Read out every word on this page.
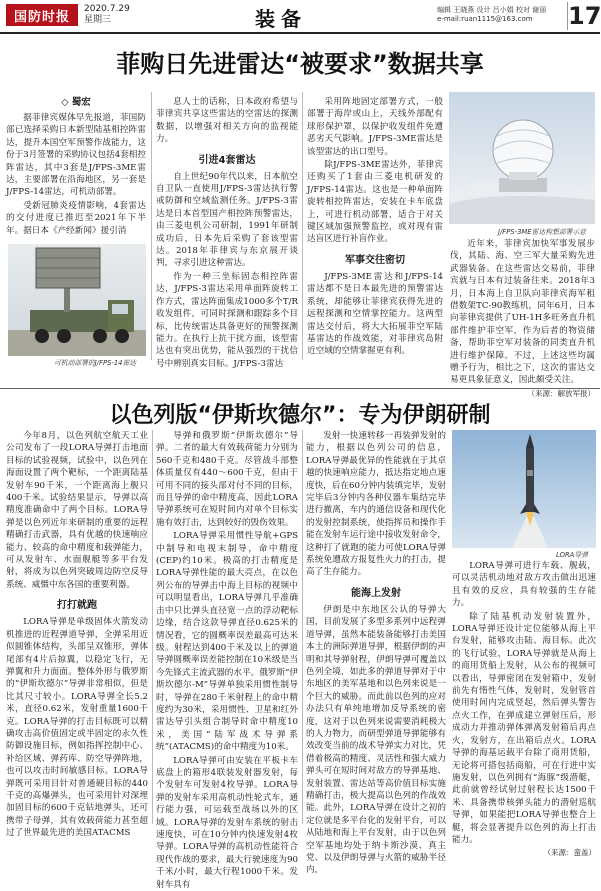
国防时报
2020.7.29
星期三	装备	编辑 王晓燕 设计 吕小娟 校对 谢丽
e-mail:ruan1115@163.com	17
菲购日先进雷达“被要求”数据共享
◇ 蜀宏

据菲律宾媒体早先报道，菲国防部已选择采购日本新型陆基相控阵雷达，提升本国空军预警作战能力，这份于3月签署的采购协议包括4套相控阵雷达，其中3套是J/FPS-3ME雷达，主要部署在沿海地区，另一套是J/FPS-14雷达，可机动部署。

受新冠肺炎疫情影响，4套雷达的交付进度已推迟至2021年下半年。据日本《产经新闻》援引消

可机动部署的J/FPS-14雷达

息人士的话称，日本政府希望与菲律宾共享这些雷达的空雷达的探测数据，以增强对相关方向的监视能力。

引进4套雷达

自上世纪90年代以来，日本航空自卫队一直使用J/FPS-3雷达执行警戒防御和空域监测任务。J/FPS-3雷达是日本首型国产相控阵预警雷达，由三菱电机公司研制，1991年研制成功后，日本先后采购了套该型雷达。2018年菲律宾与东京展开谈判，寻求引进这种雷达。

作为一种三坐标固态相控阵雷达，J/FPS-3雷达采用单面阵旋转工作方式，雷达阵面集成1000多个T/R收发组件，可同时探测和跟踪多个目标，比传统雷达具备更好的预警探测能力。在执行上抗干扰方面，该型雷达也有突出优势，能从强烈的干扰信号中辨别真实目标。J/FPS-3雷达

采用阵地固定部署方式，一般部署于海岸或山上，天线外部配有球形保护罩，以保护收发组件免遭恶劣天气影响。J/FPS-3ME雷达是该型雷达的出口型号。

除J/FPS-3ME雷达外，菲律宾还购买了1套由三菱电机研发的J/FPS-14雷达。这也是一种单面阵旋转相控阵雷达，安装在卡车底盘上，可进行机动部署，适合于对关键区域加强预警监控，或对现有雷达盲区进行补盲作业。

军事交往密切

J/FPS-3ME雷达和J/FPS-14雷达都不是日本最先进的预警雷达系统，却能够让菲律宾获得先进的远程探测和空情掌控能力。这两型雷达交付后，将大大拓展菲空军陆基雷达的作战效能，对菲律宾岛附近空域的空情掌握更有利。

J/FPS-3ME雷达构想部署示意

近年来，菲律宾加快军事发展步伐，其陆、海、空三军大量采购先进武器装备。在这些雷达交易前，菲律宾就与日本有过装备往来。2018年3月，日本海上自卫队向菲律宾海军租借数架TC-90教练机，同年6月，日本向菲律宾提供了UH-1H多旺务直升机部件维护菲空军，作为后者的物资储备，帮助菲空军对装备的同类直升机进行维护保障。不过，上述这些均属赠予行为，相比之下，这次的雷达交易更具象征意义，因此颇受关注。

（来源：解放军报）
以色列版“伊斯坎德尔”：专为伊朗研制

今年8月，以色列航空航天工业公司发布了一段LORA导弹打击地面目标的试验视频，试验中，以色列在海面设置了两个靶标，一个距离陆基发射车90千米，一个距离海上舰只400千米。试验结果显示，导弹以高精度准确命中了两个目标。LORA导弹是以色列近年来研制的重要的远程精确打击武器，具有优越的快速响应能力、较高的命中精度和载弹能力，可从发射车、水面舰艇等多平台发射，将成为以色列突破周边防空反导系统、威慑中东各国的重要利器。

打打就跑

LORA导弹是单级固体火箭发动机推进的近程弹道导弹，全弹采用近似圆锥体结构，头部呈双锥形，弹体尾部有4片后掠翼，以稳定飞行，无弹翼和升力面面。整体外形与俄罗斯的“伊斯坎德尔”导弹非常相似，但是比其尺寸较小。LORA导弹全长5.2米，直径0.62米，发射重量1600千克。LORA导弹的打击目标既可以精确攻击高价值固定或半固定的永久性防御设施目标，例如指挥控制中心、补给区域、弹药库、防空导弹阵地，也可以攻击时间敏感目标。LORA导弹既可采用目针对普通硬目标的440千克的高爆弹头，也可采用针对深埋加固目标的600千克钻地弹头，还可携带子母弹，其有效载荷能力甚至超过了世界最先进的美国ATACMS

导弹和俄罗斯“伊斯坎德尔”导弹。二者的最大有效载荷能力分别为560千克和480千克。尽管战斗部整体质量仅有440～600千克，但由于可用不同的接头部对付不同的目标，而且导弹的命中精度高，因此LORA导弹系统可在短时间内对单个目标实施有效打击，达到较好的毁伤效果。

LORA导弹采用惯性导航+GPS中制导和电视末制导，命中精度(CEP)约10米。极高的打击精度是LORA导弹性能的最大亮点，在以色列公布的导弹击中海上目标的视频中可以明显看出，LORA导弹几乎准确击中只比弹头直径宽一点的浮动靶标边缘，结合这款导弹直径0.625米的情况看，它的圆概率误差最高可达米级。射程达到400千米及以上的弹道导弹圆概率误差能控制在10米级是当今先锋式主流武器的水平。俄罗斯“伊斯坎德尔-M”导弹单独采用惯性制导时，导弹在280千米射程上的命中精度约为30米，采用惯性、卫星和红外雷达导引头组合制导时命中精度10米，美国“陆军战术导弹系统”(ATACMS)的命中精度为10米。

LORA导弹可由安装在平板卡车底盘上的箱形4联装发射器发射，每个发射车可发射4枚导弹。LORA导弹的发射车采用高机动性轮式车，通行能力强，可运载至战场以外的区域。LORA导弹的发射车系统的射击速度快，可在10分钟内快速发射4枚导弹。LORA导弹的高机动性能符合现代作战的要求，最大行驶速度为90千米/小时，最大行程1000千米。发射车具有

发射一快速转移一再装弹发射的能力，根据以色列公司的信息，LORA导弹最优异的性能就在于其卓越的快速响应能力，抵达指定地点速度快，后在60分钟内装填完毕，发射完毕后3分钟内各种仪器车集结完毕进行撤离，车内的通信设备和现代化的发射控制系统，使指挥员和操作手能在发射车运行途中接收发射命令，这种打了就跑的能力可使LORA导弹系统免遭敌方报复性火力的打击，提高了生存能力。

能海上发射

伊朗是中东地区公认的导弹大国，目前发展了多型多系列中远程弹道导弹，虽然本能装备能够打击美国本土的洲际弹道导弹，根据伊朗的声明和其导弹射程，伊朗导弹可覆盖以色列全境，如此多的弹道导弹对于中东地区的美军基地和以色列来说是一个巨大的威胁。而此前以色列的应对办法只有单纯地增加反导系统的密度，这对于以色列来说需要消耗极大的人力物力，而研型弹道导弹能够有效改变当前的战术导弹实力对比，凭借着极高的精度、灵活性和强大威力弹头可在短时间对敌方的导弹基地、发射装置、雷达站等高价值目标实施精确打击，极大提高以色列的作战效能。此外，LORA导弹在设计之初的定位就是多平台化的发射平台，可以从陆地和海上平台发射，由于以色列空军基地均处于纳卡斯沙漠、真主党、以及伊朗导弹与火箭的威胁半径内，

LORA导弹

LORA导弹可进行车载、舰载，可以灵活机动地对敌方攻击做出迅速且有效的反应，具有较强的生存能力。

除了陆基机动发射装置外，LORA导弹还设计定位能够从海上平台发射，能够攻击陆、海目标。此次的飞行试验，LORA导弹就是从海上的商用货船上发射，从公布的视频可以看出，导弹密闭在发射箱中，发射前先有惰性气体，发射时，发射管首使用时间内完成竖起，然后弹头警告点火工作，在弹成建立弹射压后，形成动力并推动弹体弹离发射箱后再点火，发射方，在出箱后点火。LORA导弹的海基运载平台除了商用货船，无论将可搭包括商船，可在行进中实施发射，以色列拥有“海豚”级潜艇，此前就曾经试射过射程长达1500千米、具备携带核弹头能力的潜射巡航导弹，如果能把LORA导弹也整合上艇，将会显著提升以色列的海上打击能力。

（来源：蛮盖）
